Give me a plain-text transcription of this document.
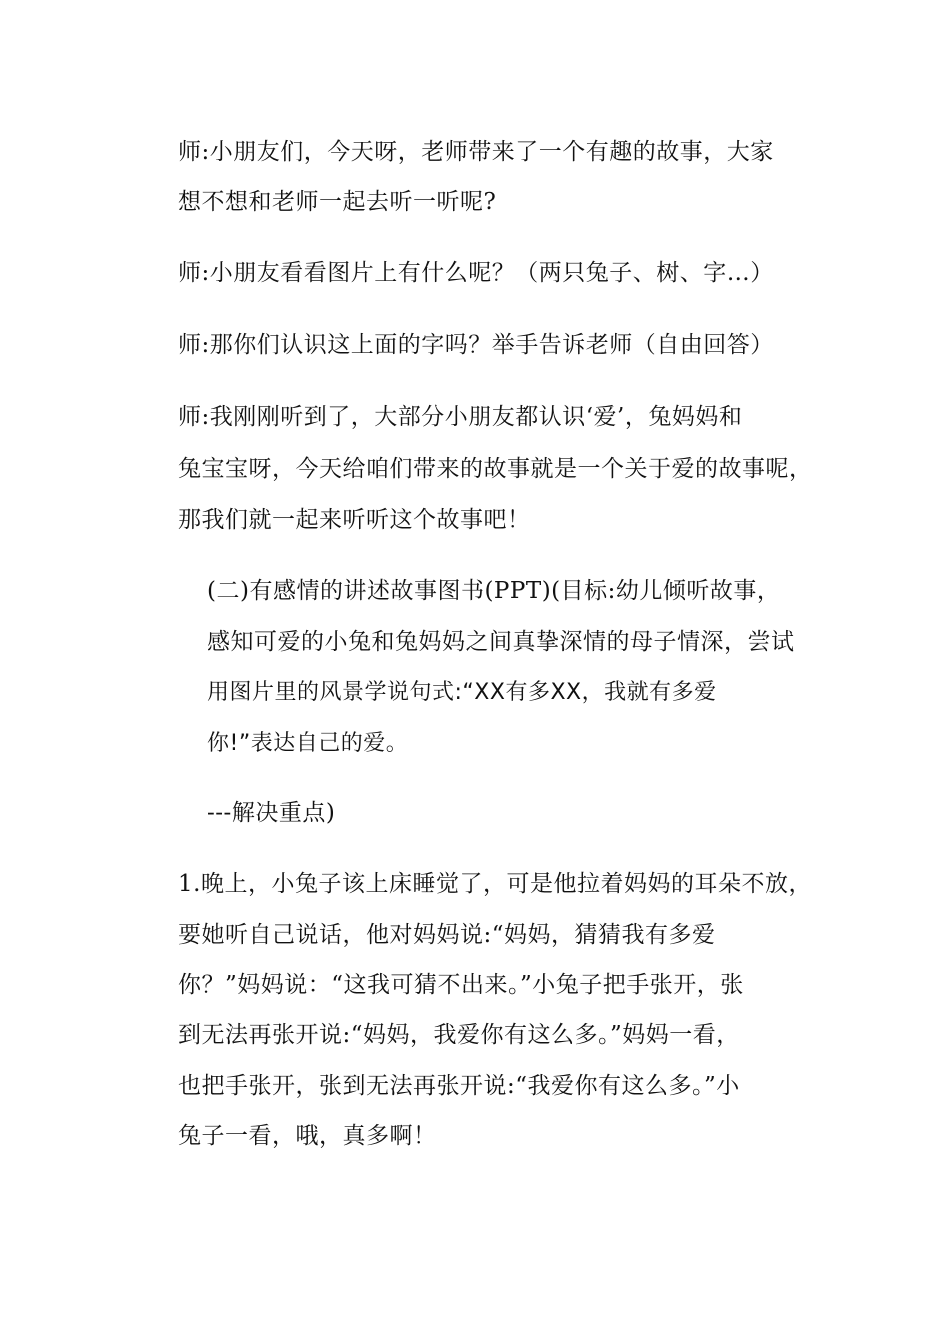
师:小朋友们，今天呀，老师带来了一个有趣的故事，大家
想不想和老师一起去听一听呢?
师:小朋友看看图片上有什么呢？（两只兔子、树、字…）
师:那你们认识这上面的字吗？举手告诉老师（自由回答）
师:我刚刚听到了，大部分小朋友都认识‘爱’，兔妈妈和
兔宝宝呀，今天给咱们带来的故事就是一个关于爱的故事呢，
那我们就一起来听听这个故事吧！
(二)有感情的讲述故事图书(PPT)(目标:幼儿倾听故事，
感知可爱的小兔和兔妈妈之间真挚深情的母子情深，尝试
用图片里的风景学说句式:“XX有多XX，我就有多爱
你!”表达自己的爱。
---解决重点)
1.晚上，小兔子该上床睡觉了，可是他拉着妈妈的耳朵不放，
要她听自己说话，他对妈妈说:“妈妈，猜猜我有多爱
你？”妈妈说：“这我可猜不出来。”小兔子把手张开，张
到无法再张开说:“妈妈，我爱你有这么多。”妈妈一看，
也把手张开，张到无法再张开说:“我爱你有这么多。”小
兔子一看，哦，真多啊！
